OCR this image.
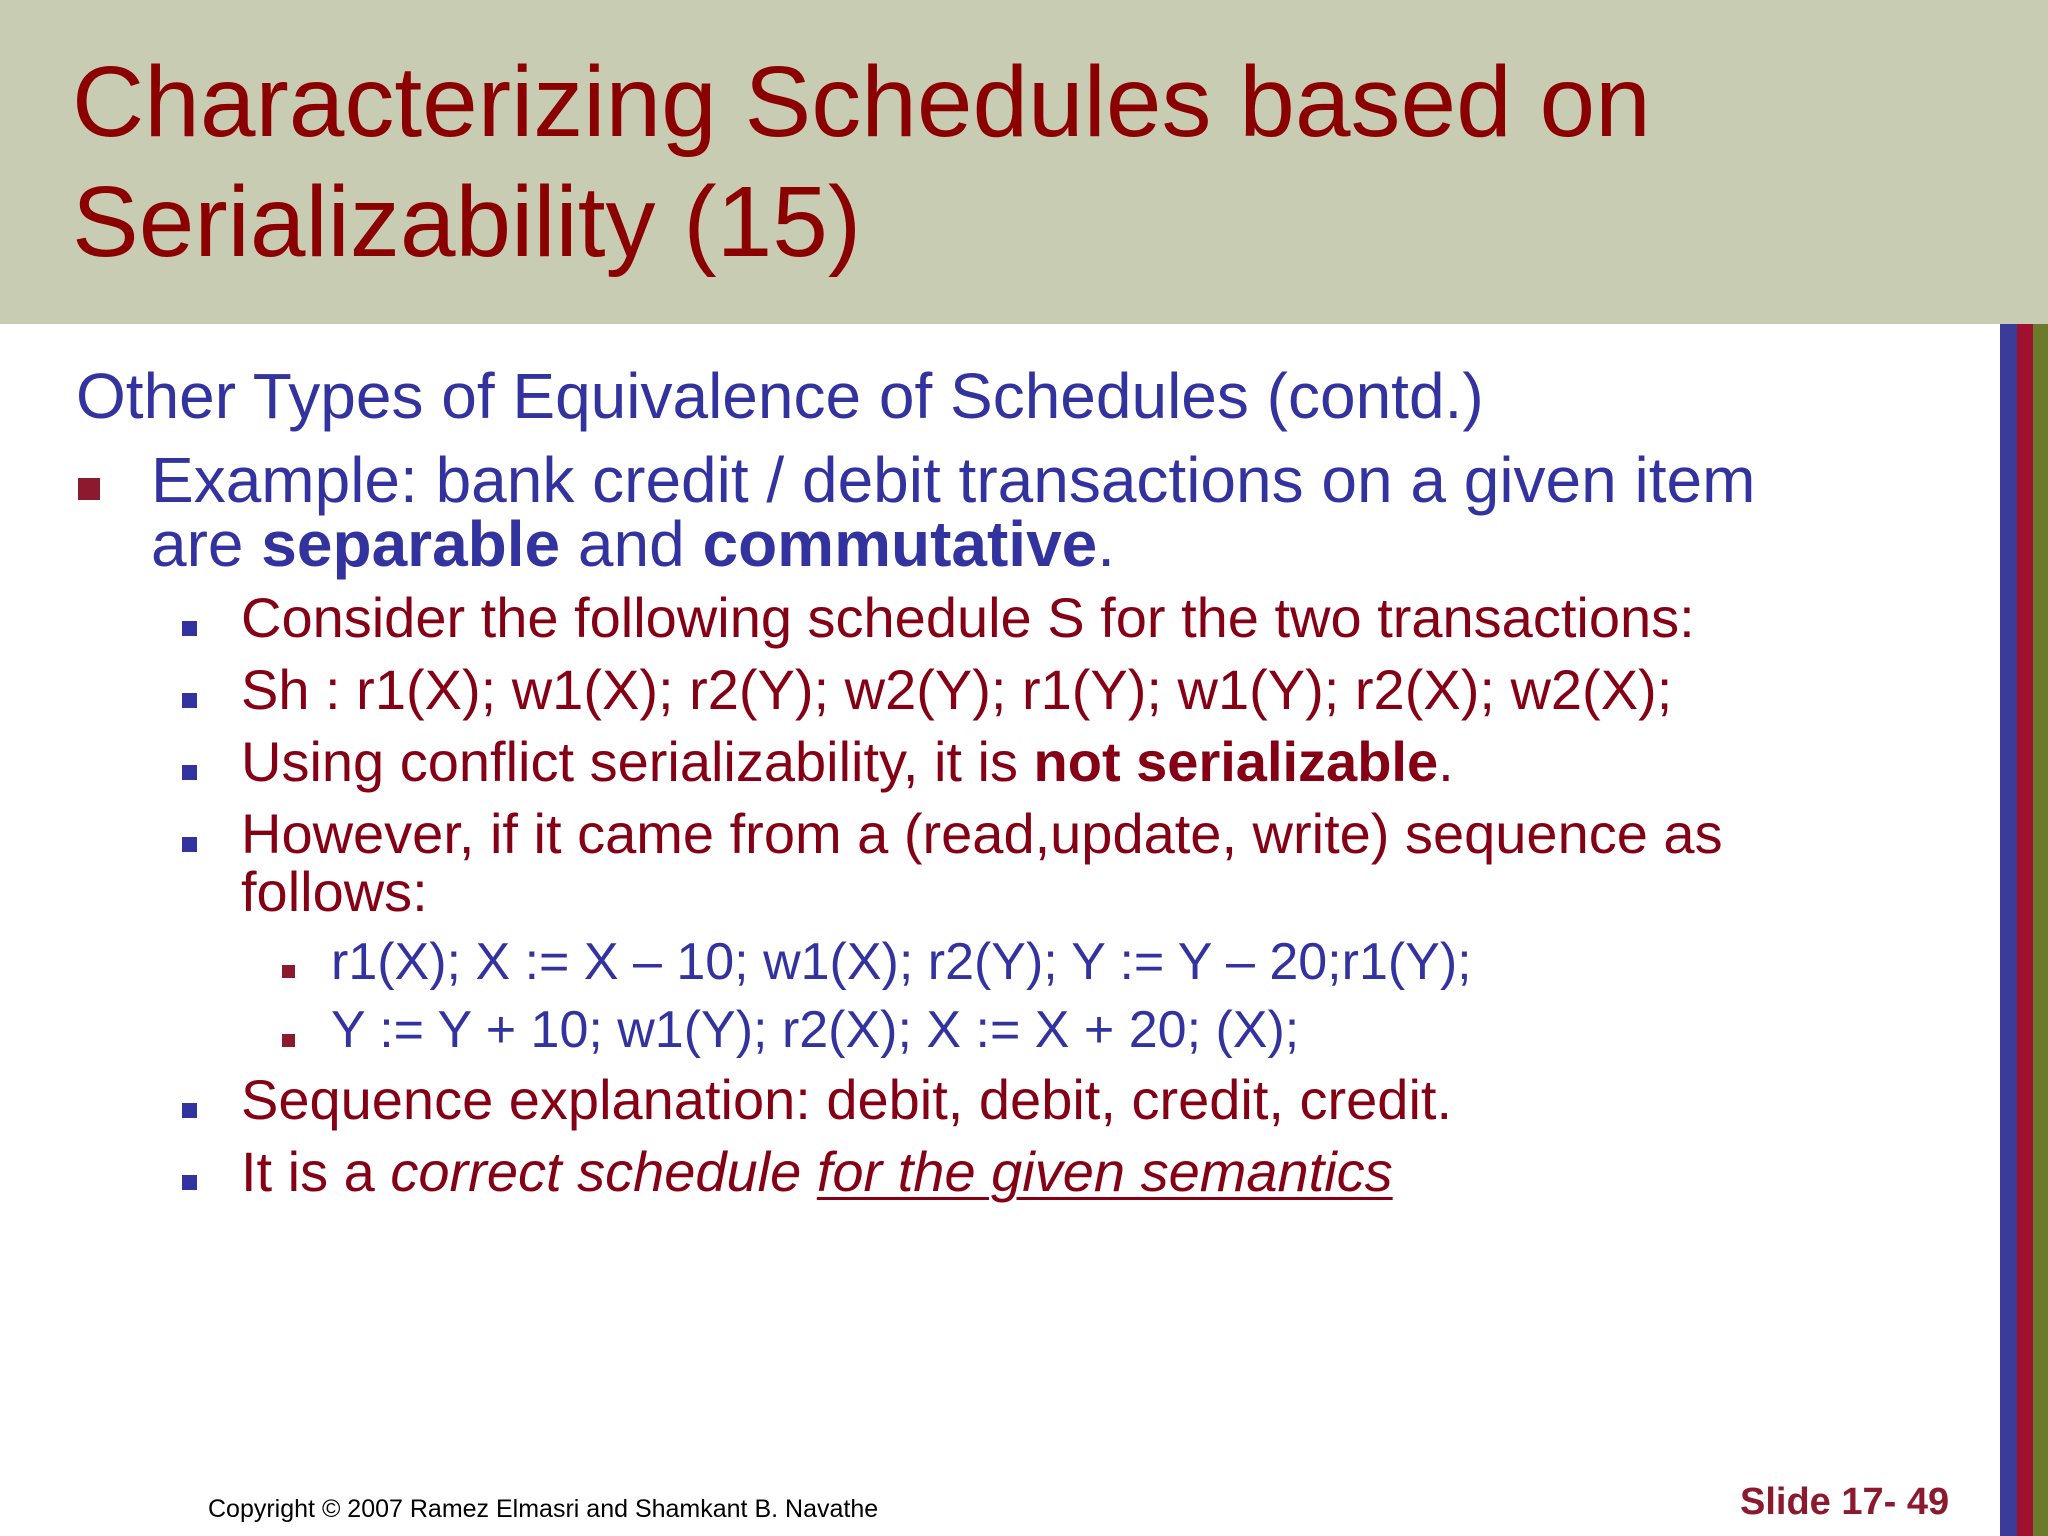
Characterizing Schedules based on
Serializability (15)
Other Types of Equivalence of Schedules (contd.)
Example: bank credit / debit transactions on a given item
are separable and commutative.
Consider the following schedule S for the two transactions:
Sh : r1(X); w1(X); r2(Y); w2(Y); r1(Y); w1(Y); r2(X); w2(X);
Using conflict serializability, it is not serializable.
However, if it came from a (read,update, write) sequence as
follows:
r1(X); X := X – 10; w1(X); r2(Y); Y := Y – 20;r1(Y);
Y := Y + 10; w1(Y); r2(X); X := X + 20; (X);
Sequence explanation: debit, debit, credit, credit.
It is a correct schedule for the given semantics
Copyright © 2007 Ramez Elmasri and Shamkant B. Navathe	Slide 17- 49
